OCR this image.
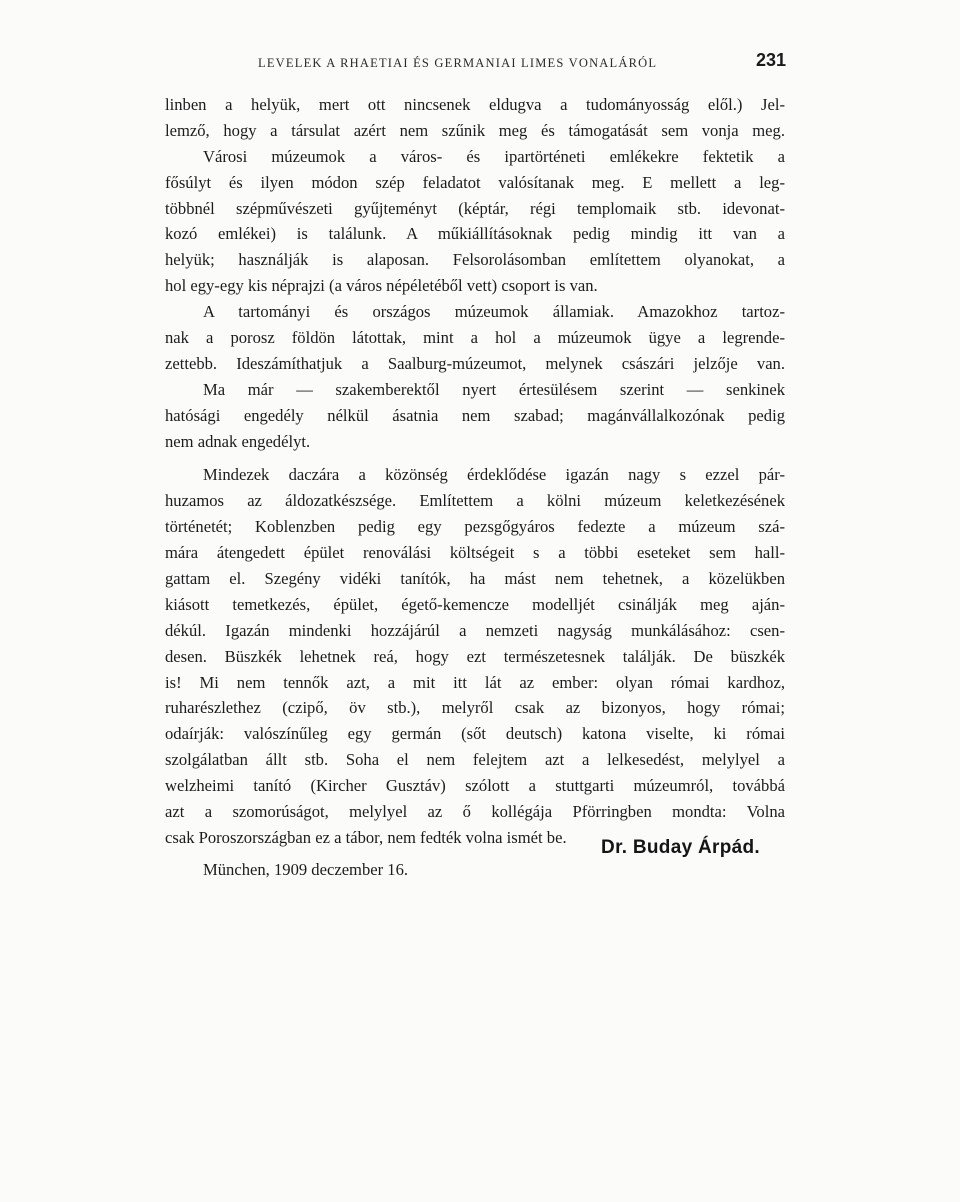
LEVELEK A RHAETIAI ÉS GERMANIAI LIMES VONALÁRÓL	231
linben a helyük, mert ott nincsenek eldugva a tudományosság elől.) Jel-
lemző, hogy a társulat azért nem szűnik meg és támogatását sem vonja meg.
Városi múzeumok a város- és ipartörténeti emlékekre fektetik a
fősúlyt és ilyen módon szép feladatot valósítanak meg. E mellett a leg-
többnél szépművészeti gyűjteményt (képtár, régi templomaik stb. idevonat-
kozó emlékei) is találunk. A műkiállításoknak pedig mindig itt van a
helyük; használják is alaposan. Felsorolásomban említettem olyanokat, a
hol egy-egy kis néprajzi (a város népéletéből vett) csoport is van.
A tartományi és országos múzeumok államiak. Amazokhoz tartoz-
nak a porosz földön látottak, mint a hol a múzeumok ügye a legrende-
zettebb. Ideszámíthatjuk a Saalburg-múzeumot, melynek császári jelzője van.
Ma már — szakemberektől nyert értesülésem szerint — senkinek
hatósági engedély nélkül ásatnia nem szabad; magánvállalkozónak pedig
nem adnak engedélyt.
Mindezek daczára a közönség érdeklődése igazán nagy s ezzel pár-
huzamos az áldozatkészsége. Említettem a kölni múzeum keletkezésének
történetét; Koblenzben pedig egy pezsgőgyáros fedezte a múzeum szá-
mára átengedett épület renoválási költségeit s a többi eseteket sem hall-
gattam el. Szegény vidéki tanítók, ha mást nem tehetnek, a közelükben
kiásott temetkezés, épület, égető-kemencze modelljét csinálják meg aján-
dékúl. Igazán mindenki hozzájárúl a nemzeti nagyság munkálásához: csen-
desen. Büszkék lehetnek reá, hogy ezt természetesnek találják. De büszkék
is! Mi nem tennők azt, a mit itt lát az ember: olyan római kardhoz,
ruharészlethez (czipő, öv stb.), melyről csak az bizonyos, hogy római;
odaírják: valószínűleg egy germán (sőt deutsch) katona viselte, ki római
szolgálatban állt stb. Soha el nem felejtem azt a lelkesedést, melylyel a
welzheimi tanító (Kircher Gusztáv) szólott a stuttgarti múzeumról, továbbá
azt a szomorúságot, melylyel az ő kollégája Pförringben mondta: Volna
csak Poroszországban ez a tábor, nem fedték volna ismét be.
München, 1909 deczember 16.
Dr. Buday Árpád.
